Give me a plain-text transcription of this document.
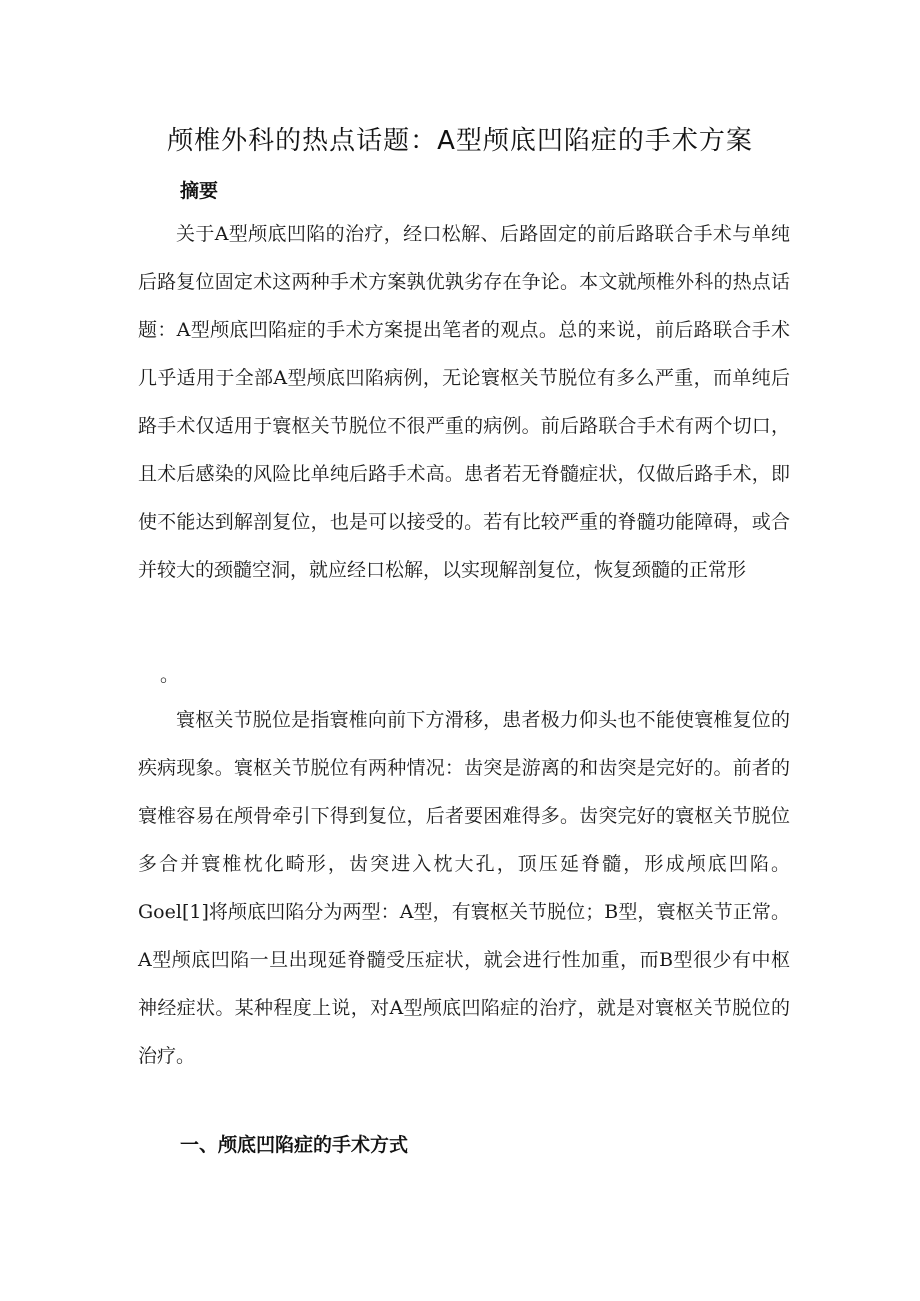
颅椎外科的热点话题：A型颅底凹陷症的手术方案
摘要

关于A型颅底凹陷的治疗，经口松解、后路固定的前后路联合手术与单纯后路复位固定术这两种手术方案孰优孰劣存在争论。本文就颅椎外科的热点话题：A型颅底凹陷症的手术方案提出笔者的观点。总的来说，前后路联合手术几乎适用于全部A型颅底凹陷病例，无论寰枢关节脱位有多么严重，而单纯后路手术仅适用于寰枢关节脱位不很严重的病例。前后路联合手术有两个切口，且术后感染的风险比单纯后路手术高。患者若无脊髓症状，仅做后路手术，即使不能达到解剖复位，也是可以接受的。若有比较严重的脊髓功能障碍，或合并较大的颈髓空洞，就应经口松解，以实现解剖复位，恢复颈髓的正常形

。

寰枢关节脱位是指寰椎向前下方滑移，患者极力仰头也不能使寰椎复位的疾病现象。寰枢关节脱位有两种情况：齿突是游离的和齿突是完好的。前者的寰椎容易在颅骨牵引下得到复位，后者要困难得多。齿突完好的寰枢关节脱位多合并寰椎枕化畸形，齿突进入枕大孔，顶压延脊髓，形成颅底凹陷。Goel[1]将颅底凹陷分为两型：A型，有寰枢关节脱位；B型，寰枢关节正常。A型颅底凹陷一旦出现延脊髓受压症状，就会进行性加重，而B型很少有中枢神经症状。某种程度上说，对A型颅底凹陷症的治疗，就是对寰枢关节脱位的治疗。

一、颅底凹陷症的手术方式
